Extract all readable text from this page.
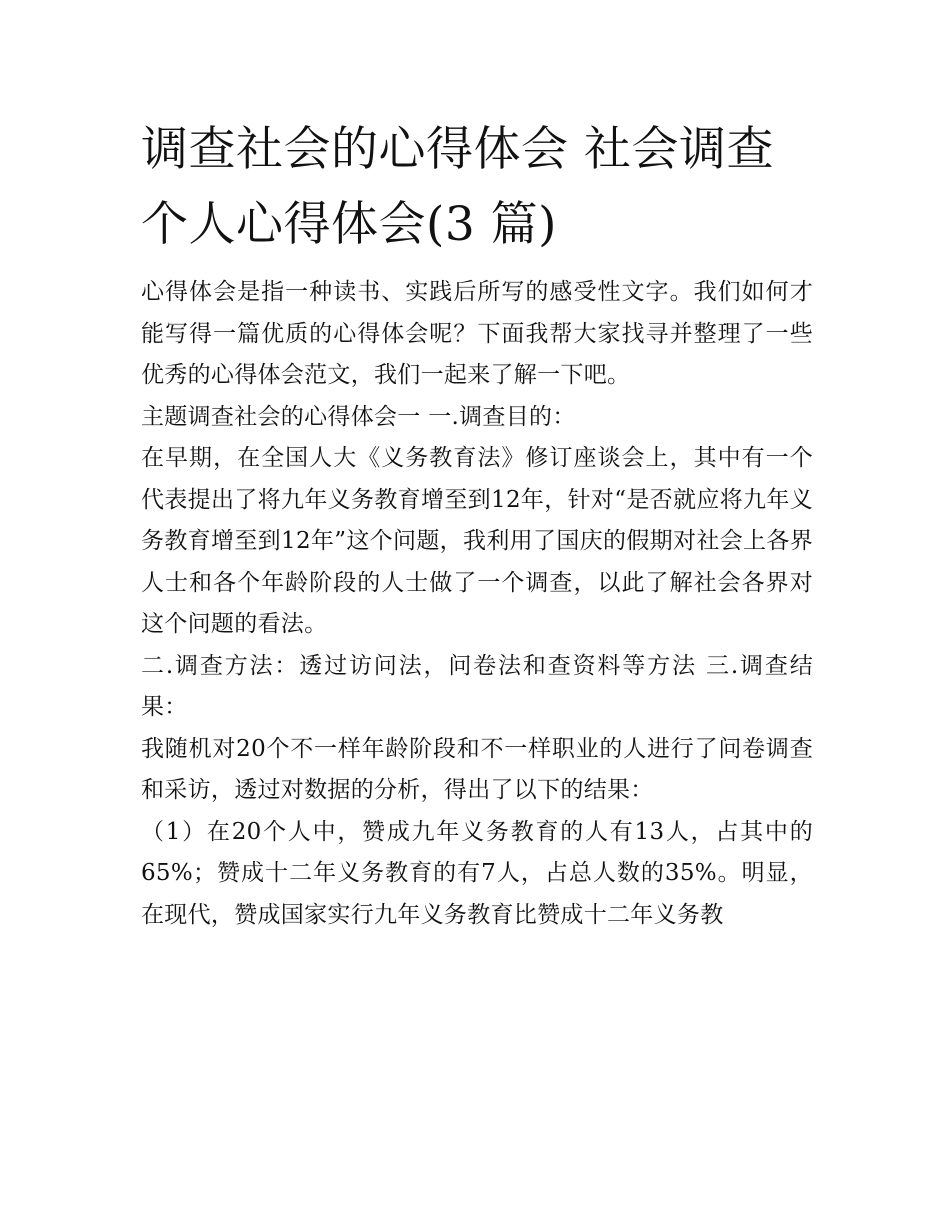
调查社会的心得体会 社会调查个人心得体会(3 篇)

心得体会是指一种读书、实践后所写的感受性文字。我们如何才能写得一篇优质的心得体会呢？下面我帮大家找寻并整理了一些优秀的心得体会范文，我们一起来了解一下吧。

主题调查社会的心得体会一 一.调查目的：

在早期，在全国人大《义务教育法》修订座谈会上，其中有一个代表提出了将九年义务教育增至到12年，针对“是否就应将九年义务教育增至到12年”这个问题，我利用了国庆的假期对社会上各界人士和各个年龄阶段的人士做了一个调查，以此了解社会各界对这个问题的看法。

二.调查方法：透过访问法，问卷法和查资料等方法 三.调查结果：

我随机对20个不一样年龄阶段和不一样职业的人进行了问卷调查和采访，透过对数据的分析，得出了以下的结果：

（1）在20个人中，赞成九年义务教育的人有13人，占其中的65%；赞成十二年义务教育的有7人，占总人数的35%。明显，在现代，赞成国家实行九年义务教育比赞成十二年义务教
